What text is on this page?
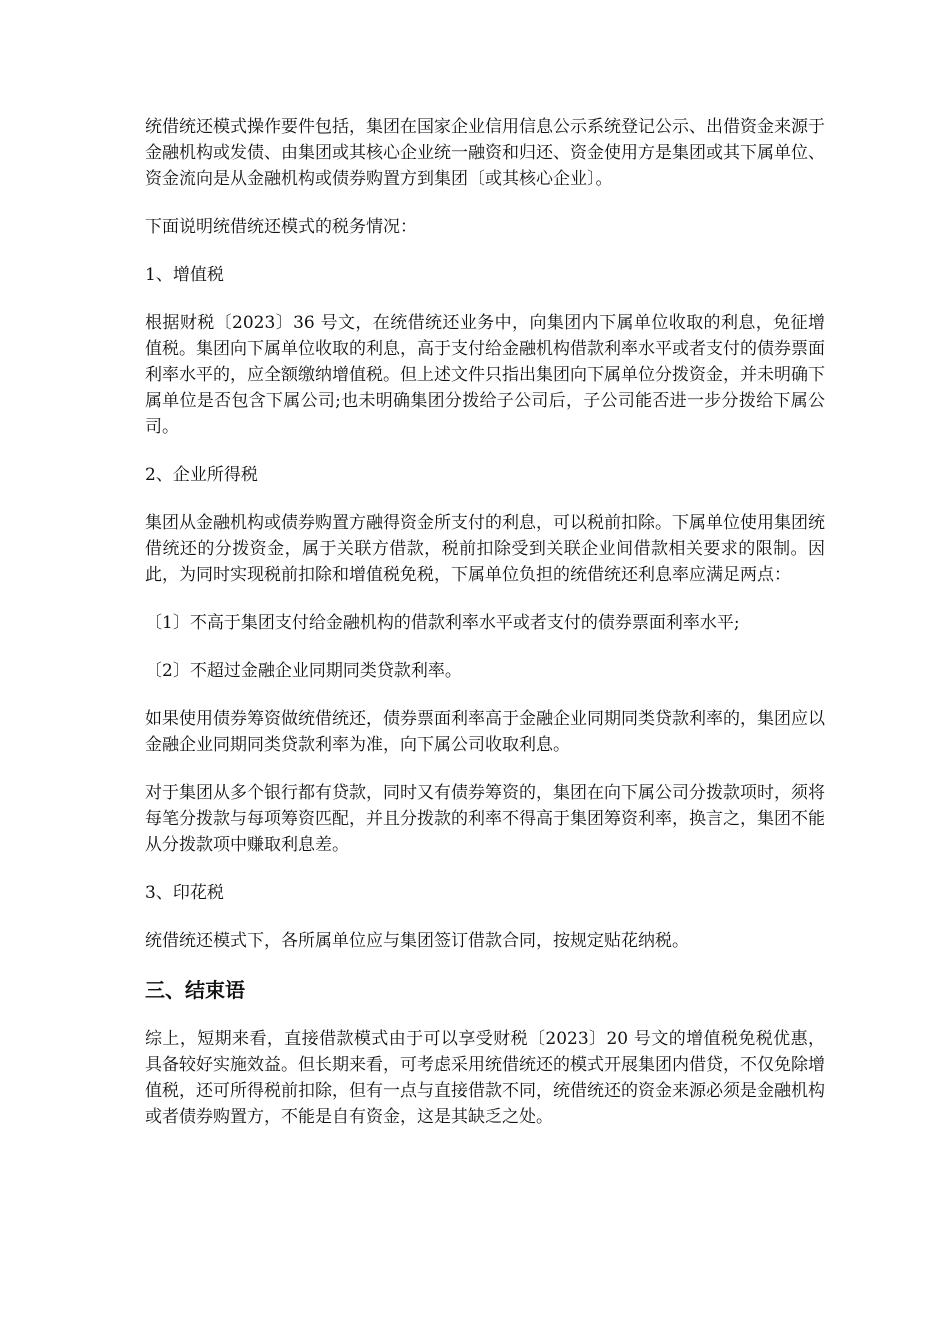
统借统还模式操作要件包括，集团在国家企业信用信息公示系统登记公示、出借资金来源于金融机构或发债、由集团或其核心企业统一融资和归还、资金使用方是集团或其下属单位、资金流向是从金融机构或债券购置方到集团〔或其核心企业〕。

下面说明统借统还模式的税务情况：

1、增值税

根据财税〔2023〕36 号文，在统借统还业务中，向集团内下属单位收取的利息，免征增值税。集团向下属单位收取的利息，高于支付给金融机构借款利率水平或者支付的债券票面利率水平的，应全额缴纳增值税。但上述文件只指出集团向下属单位分拨资金，并未明确下属单位是否包含下属公司;也未明确集团分拨给子公司后，子公司能否进一步分拨给下属公司。

2、企业所得税

集团从金融机构或债券购置方融得资金所支付的利息，可以税前扣除。下属单位使用集团统借统还的分拨资金，属于关联方借款，税前扣除受到关联企业间借款相关要求的限制。因此，为同时实现税前扣除和增值税免税，下属单位负担的统借统还利息率应满足两点：

〔1〕不高于集团支付给金融机构的借款利率水平或者支付的债券票面利率水平;

〔2〕不超过金融企业同期同类贷款利率。

如果使用债券筹资做统借统还，债券票面利率高于金融企业同期同类贷款利率的，集团应以金融企业同期同类贷款利率为准，向下属公司收取利息。

对于集团从多个银行都有贷款，同时又有债券筹资的，集团在向下属公司分拨款项时，须将每笔分拨款与每项筹资匹配，并且分拨款的利率不得高于集团筹资利率，换言之，集团不能从分拨款项中赚取利息差。

3、印花税

统借统还模式下，各所属单位应与集团签订借款合同，按规定贴花纳税。

三、结束语

综上，短期来看，直接借款模式由于可以享受财税〔2023〕20 号文的增值税免税优惠，具备较好实施效益。但长期来看，可考虑采用统借统还的模式开展集团内借贷，不仅免除增值税，还可所得税前扣除，但有一点与直接借款不同，统借统还的资金来源必须是金融机构或者债券购置方，不能是自有资金，这是其缺乏之处。
